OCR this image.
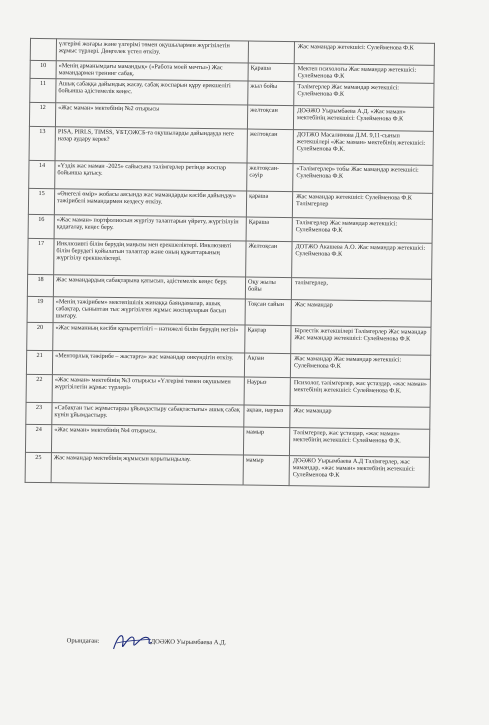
	үлгерімі жоғары және үлгерімі төмен оқушылармен жүргізілетін жұмыс түрлері. Дөңгелек үстел өткізу.		Жас мамандар жетекшісі: Сулейменова Ф.К
10	«Менің арманымдағы мамандық» («Работа моей мечты») Жас мамандармен тренинг сабақ.	Қараша	Мектеп психологы Жас мамандар жетекшісі: Сулейменова Ф.К
11	Ашық сабаққа дайындық жасау, сабақ жоспарын құру ерекшелігі бойынша әдістемелік кеңес.	жыл бойы	Тәлімгерлер Жас мамандар жетекшісі: Сулейменова Ф.К
12	«Жас маман» мектебінің №2 отырысы	желтоқсан	ДОӘЖО Уырымбаева А.Д. «Жас маман» мектебінің жетекшісі: Сулейменова Ф.К
13	PISA, PIRLS, TIMSS, ҰБТ,ОЖСБ-ға оқушыларды дайындауда неге назар аудару керек?	желтоқсан	ДОТЖО Масалимова Д.М. 9,11-сынып жетекшілері «Жас маман» мектебінің жетекшісі: Сулейменова Ф.К.
14	«Үздік жас маман -2025» сайысына тәлімгерлер ретінде жоспар бойынша қатысу.	желтоқсан-сәуір	«Тәлімгерлер» тобы Жас мамандар жетекшісі: Сулейменова Ф.К
15	«Өнегелі өмір» жобасы аясында жас мамандарды кәсіби дайындау» тәжірибелі мамандармен кездесу өткізу.	қараша	Жас мамандар жетекшісі: Сулейменова Ф.К Тәлімгерлер
16	«Жас маман» портфолиосын жүргізу талаптарын үйрету, жүргізілуін қадағалау, кеңес беру.	Қараша	Тәлімгерлер Жас мамандар жетекшісі: Сулейменова Ф.К
17	Инклюзивті білім берудің маңызы мен ерекшеліктері. Инклюзивті білім берудегі қойылатын талаптар және оның құжаттарының жүргізілу ерекшеліктері.	Желтоқсан	ДОТЖО Акашева А.О. Жас мамандар жетекшісі: Сулейменова Ф.К
18	Жас мамандардың сабақтарына қатысып, әдістемелік кеңес беру.	Оқу жылы бойы	тәлімгерлер,
19	«Менің тәжірибем» мектепішілік жинаққа баяндамалар, ашық сабақтар, сыныптан тыс жүргізілген жұмыс жоспарларын басып шығару.	Тоқсан сайын	Жас мамандар
20	«Жас маманның кәсіби құзыреттілігі – нәтижелі білім берудің негізі»	Қаңтар	Бірлестік жетекшілері Тәлімгерлер Жас мамандар Жас мамандар жетекшісі: Сулейменова Ф.К
21	«Менторлық тәжірибе – жастарға» жас мамандар онкүндігін өткізу.	Ақпан	Жас мамандар Жас мамандар жетекшісі: Сулейменова Ф.К
22	«Жас маман» мектебінің №3 отырысы «Үлгерімі төмен оқушымен жүргізілетін жұмыс түрлері»	Наурыз	Психолог, тәлімгерлер, жас ұстаздар, «жас маман» мектебінің жетекшісі: Сулейменова Ф.К.
23	«Сабақтан тыс жұмыстарды ұйымдастыру сабақтастығы» ашық сабақ күнін ұйымдастыру.	ақпан, наурыз	Жас мамандар
24	«Жас маман» мектебінің №4 отырысы.	мамыр	Тәлімгерлер, жас ұстаздар, «жас маман» мектебінің жетекшісі: Сулейменова Ф.К.
25	Жас мамандар мектебінің жұмысын қорытындылау.	мамыр	ДОӘЖО Уырымбаева А.Д Тәлімгерлер, жас мамандар, «жас маман» мектебінің жетекшісі: Сулейменова Ф.К
Орындаған:	ДОӘЖО Уырымбаева А.Д.
